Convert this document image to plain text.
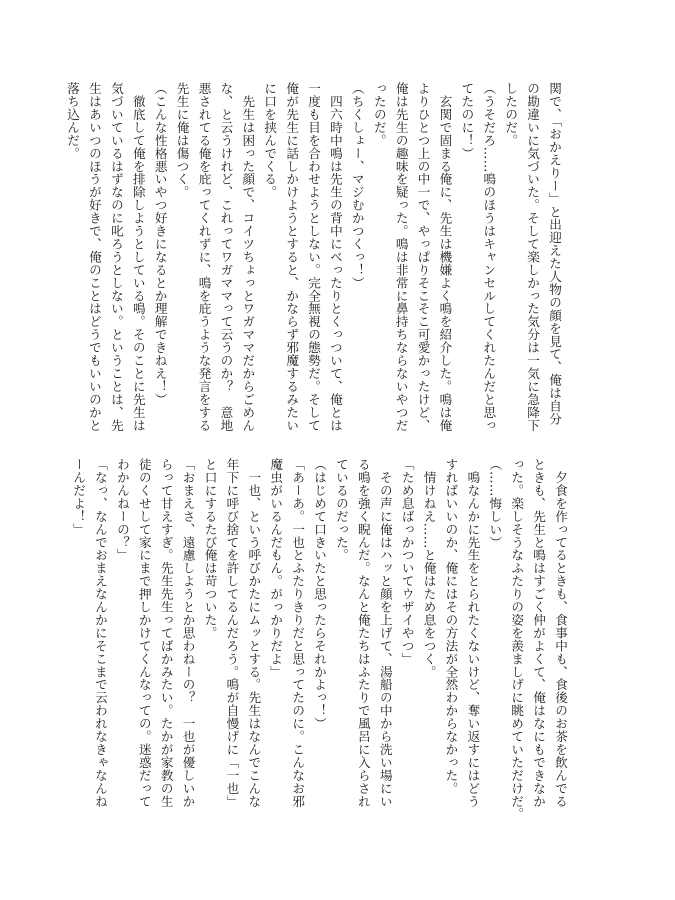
関で、「おかえりー」と出迎えた人物の顔を見て、俺は自分
の勘違いに気づいた。そして楽しかった気分は一気に急降下
したのだ。
（うそだろ……鳴のほうはキャンセルしてくれたんだと思っ
てたのに！）
　玄関で固まる俺に、先生は機嫌よく鳴を紹介した。鳴は俺
よりひとつ上の中一で、やっぱりそこそこ可愛かったけど、
俺は先生の趣味を疑った。鳴は非常に鼻持ちならないやつだ
ったのだ。
（ちくしょー、マジむかつくっ！）
　四六時中鳴は先生の背中にべったりとくっついて、俺とは
一度も目を合わせようとしない。完全無視の態勢だ。そして
俺が先生に話しかけようとすると、かならず邪魔するみたい
に口を挟んでくる。
　先生は困った顔で、コイツちょっとワガママだからごめん
な、と云うけれど、これってワガママって云うのか？　意地
悪されてる俺を庇ってくれずに、鳴を庇うような発言をする
先生に俺は傷つく。
（こんな性格悪いやつ好きになるとか理解できねえ！）
　徹底して俺を排除しようとしている鳴。そのことに先生は
気づいているはずなのに叱ろうとしない。ということは、先
生はあいつのほうが好きで、俺のことはどうでもいいのかと
落ち込んだ。
　夕食を作ってるときも、食事中も、食後のお茶を飲んでる
ときも、先生と鳴はすごく仲がよくて、俺はなにもできなか
った。楽しそうなふたりの姿を羨ましげに眺めていただけだ。
（……悔しい）
　鳴なんかに先生をとられたくないけど、奪い返すにはどう
すればいいのか、俺にはその方法が全然わからなかった。
　情けねえ……と俺はため息をつく。
「ため息ばっかついてウザイやつ」
　その声に俺はハッと顔を上げて、湯船の中から洗い場にい
る鳴を強く睨んだ。なんと俺たちはふたりで風呂に入らされ
ているのだった。
（はじめて口きいたと思ったらそれかよっ！）
「あーあ。一也とふたりきりだと思ってたのに。こんなお邪
魔虫がいるんだもん。がっかりだよ」
　一也、という呼びかたにムッとする。先生はなんでこんな
年下に呼び捨てを許してるんだろう。鳴が自慢げに「一也」
と口にするたび俺は苛ついた。
「おまえさ、遠慮しようとか思わねーの？　一也が優しいか
らって甘えすぎ。先生先生ってばかみたい。たかが家教の生
徒のくせして家にまで押しかけてくんなっての。迷惑だって
わかんねーの？」
「なっ、なんでおまえなんかにそこまで云われなきゃなんね
ーんだよ！」
